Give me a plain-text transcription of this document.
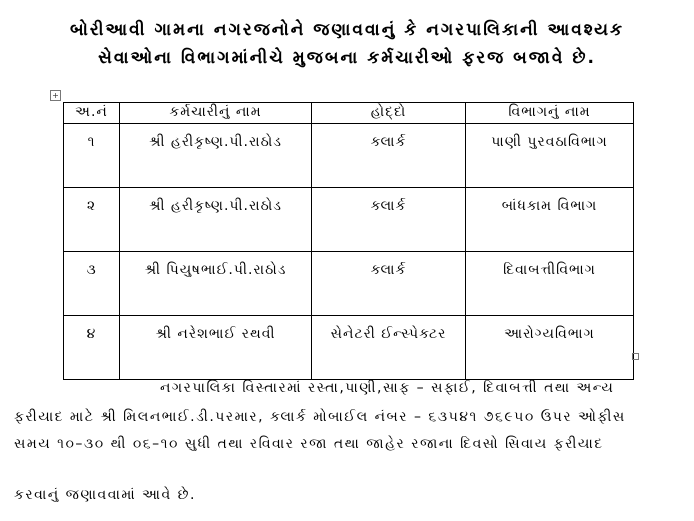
બોરીઆવી ગામના નગરજનોને જણાવવાનું કે નગરપાલિકાની આવશ્યક
સેવાઓના વિભાગમાંનીચે મુજબના કર્મચારીઓ ફરજ બજાવે છે.
+
અ.નં	કર્મચારીનું નામ	હોદ્દો	વિભાગનું નામ
૧	શ્રી હરીકૃષ્ણ.પી.રાઠોડ	ક્લાર્ક	પાણી પુરવઠાવિભાગ
૨	શ્રી હરીકૃષ્ણ.પી.રાઠોડ	ક્લાર્ક	બાંધકામ વિભાગ
૩	શ્રી પિયુષભાઈ.પી.રાઠોડ	ક્લાર્ક	દિવાબત્તીવિભાગ
૪	શ્રી નરેશભાઈ રથવી	સેનેટરી ઈન્સ્પેક્ટર	આરોગ્યવિભાગ
નગરપાલિકા વિસ્તારમાં રસ્તા,પાણી,સાફ – સફાઈ, દિવાબત્તી તથા અન્ય
ફરીયાદ માટે શ્રી મિલનભાઈ.ડી.પરમાર, ક્લાર્ક મોબાઈલ નંબર – ૬૩૫૪૧ ૭૬૯૫૦ ઉપર ઓફીસ
સમય ૧૦–૩૦ થી ૦૬–૧૦ સુધી તથા રવિવાર રજા તથા જાહેર રજાના દિવસો સિવાય ફરીયાદ
કરવાનું જણાવવામાં આવે છે.
